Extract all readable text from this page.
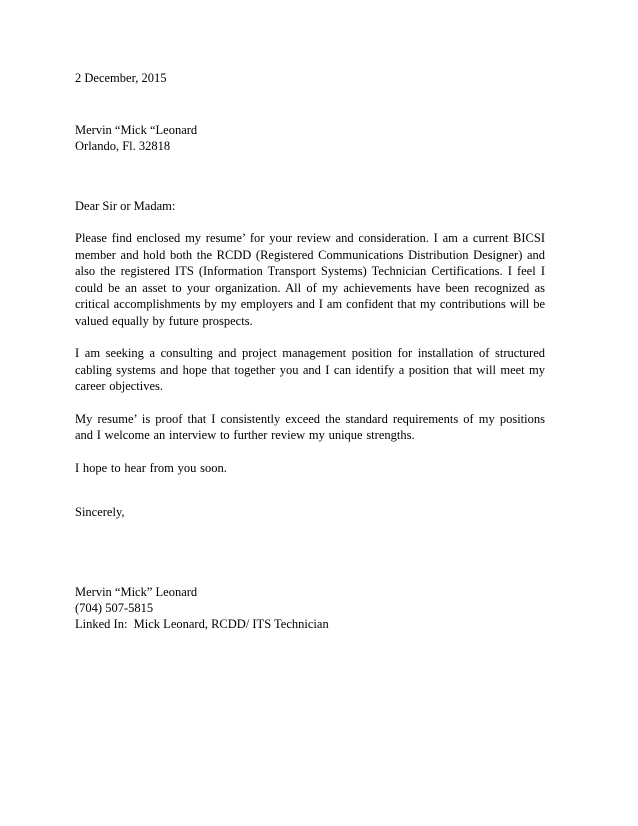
2 December, 2015
Mervin “Mick “Leonard
Orlando, Fl. 32818
Dear Sir or Madam:

Please find enclosed my resume’ for your review and consideration. I am a current BICSI member and hold both the RCDD (Registered Communications Distribution Designer) and also the registered ITS (Information Transport Systems) Technician Certifications. I feel I could be an asset to your organization. All of my achievements have been recognized as critical accomplishments by my employers and I am confident that my contributions will be valued equally by future prospects.

I am seeking a consulting and project management position for installation of structured cabling systems and hope that together you and I can identify a position that will meet my career objectives.

My resume’ is proof that I consistently exceed the standard requirements of my positions and I welcome an interview to further review my unique strengths.

I hope to hear from you soon.

Sincerely,
Mervin “Mick” Leonard
(704) 507-5815
Linked In:  Mick Leonard, RCDD/ ITS Technician
